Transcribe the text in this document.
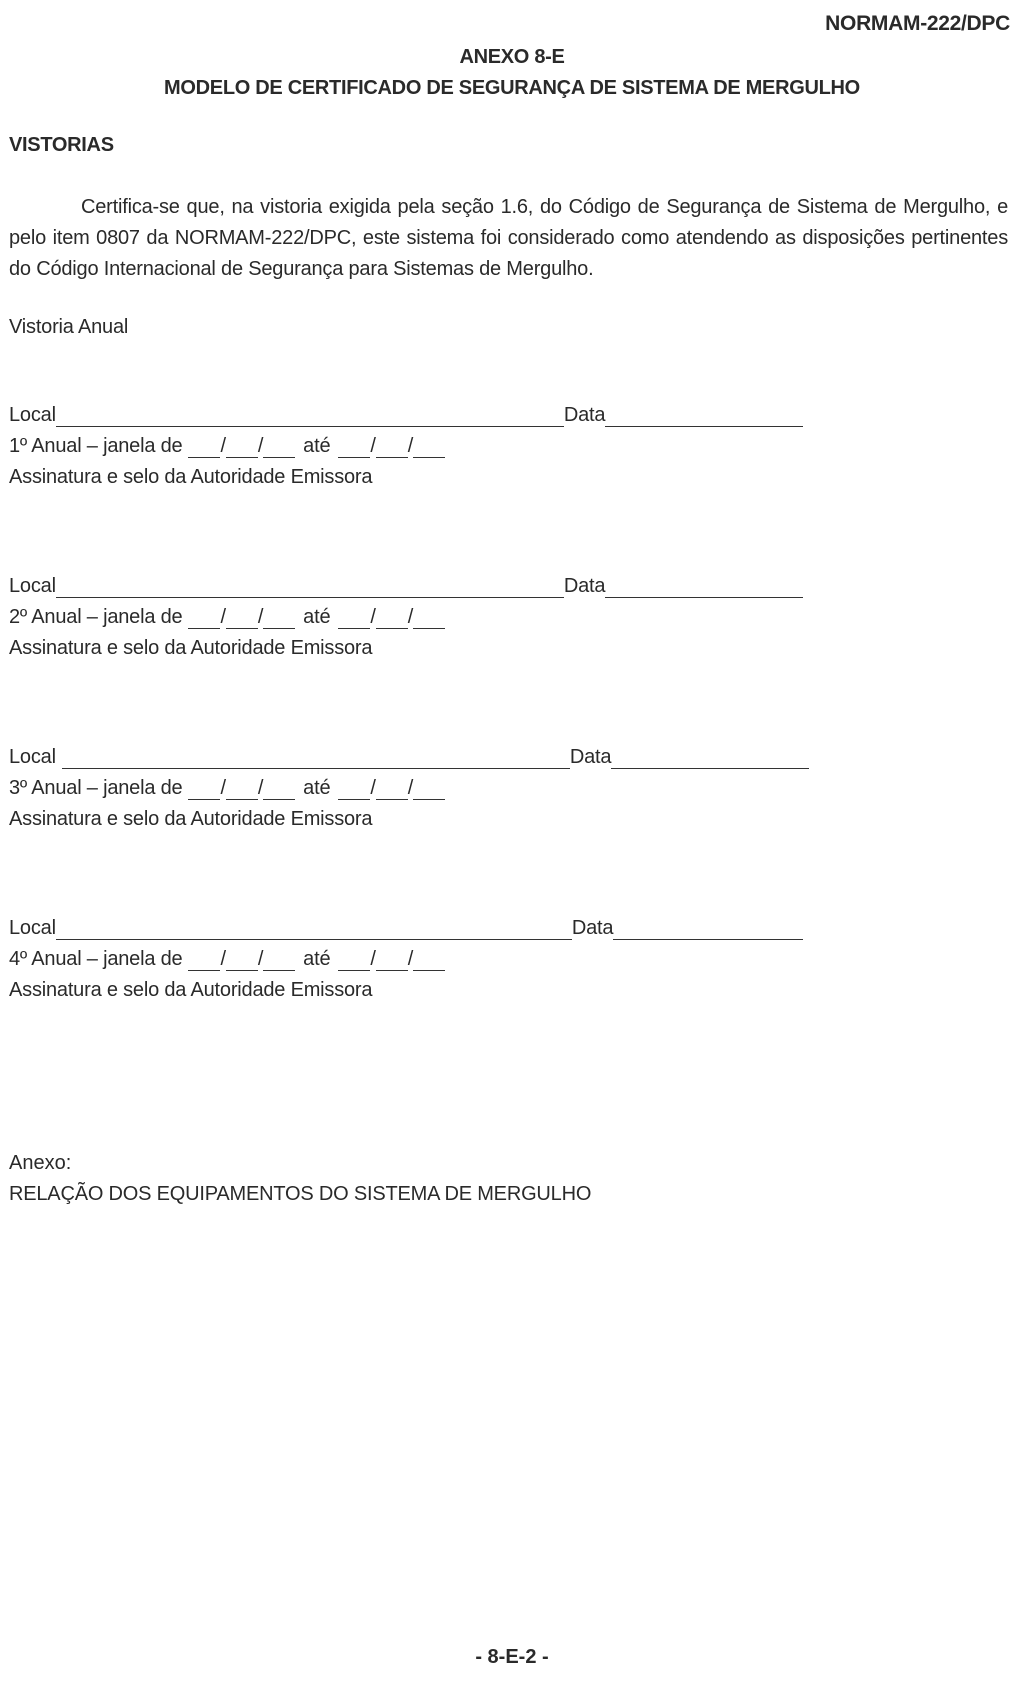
NORMAM-222/DPC
ANEXO 8-E
MODELO DE CERTIFICADO DE SEGURANÇA DE SISTEMA DE MERGULHO
VISTORIAS
Certifica-se que, na vistoria exigida pela seção 1.6, do Código de Segurança de Sistema de Mergulho, e pelo item 0807 da NORMAM-222/DPC, este sistema foi considerado como atendendo as disposições pertinentes do Código Internacional de Segurança para Sistemas de Mergulho.
Vistoria Anual
Local	Data
1º Anual – janela de / / até / /
Assinatura e selo da Autoridade Emissora
Local	Data
2º Anual – janela de / / até / /
Assinatura e selo da Autoridade Emissora
Local	Data
3º Anual – janela de / / até / /
Assinatura e selo da Autoridade Emissora
Local	Data
4º Anual – janela de / / até / /
Assinatura e selo da Autoridade Emissora
Anexo:
RELAÇÃO DOS EQUIPAMENTOS DO SISTEMA DE MERGULHO
- 8-E-2 -
